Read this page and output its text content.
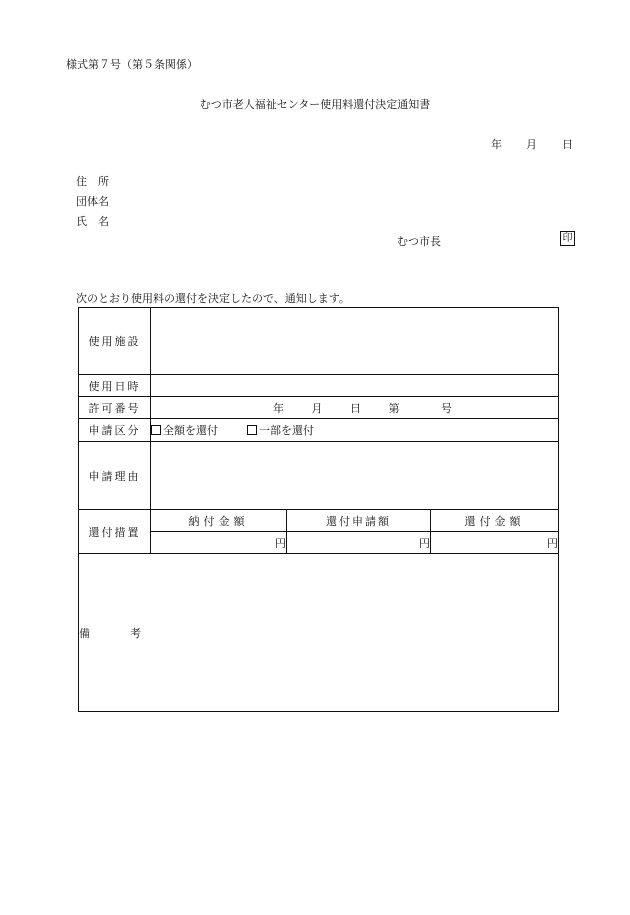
様式第７号（第５条関係）
むつ市老人福祉センター使用料還付決定通知書
年 月 日
住　所
団体名
氏　名
むつ市長	印
次のとおり使用料の還付を決定したので、通知します。
使用施設			
使用日時			
許可番号	年 月 日 第 号		
申請区分	全額を還付 一部を還付		
申請理由			
還付措置	納付金額	還付申請額	還付金額
	円	円	円
備　　考			
